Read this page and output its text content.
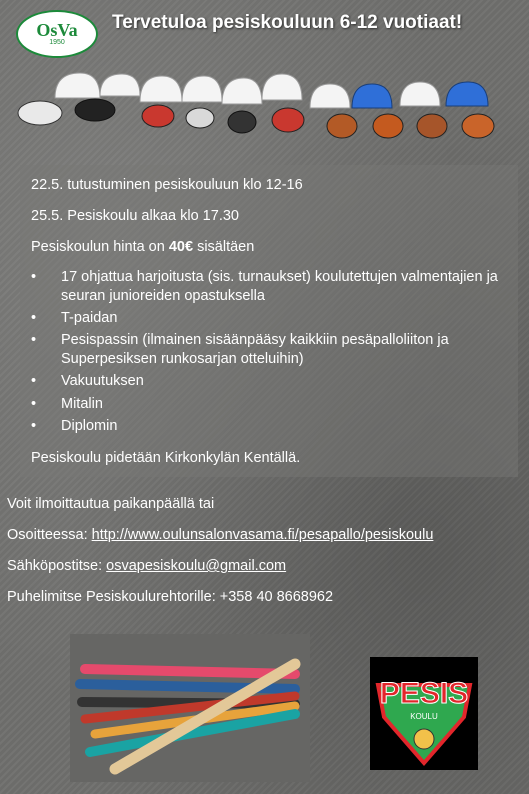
OsVa
1950
Tervetuloa pesiskouluun 6-12 vuotiaat!
22.5. tutustuminen pesiskouluun klo 12-16
25.5. Pesiskoulu alkaa klo 17.30
Pesiskoulun hinta on 40€ sisältäen
• 17 ohjattua harjoitusta (sis. turnaukset) koulutettujen valmentajien ja seuran junioreiden opastuksella
• T-paidan
• Pesispassin (ilmainen sisäänpääsy kaikkiin pesäpalloliiton ja Superpesiksen runkosarjan otteluihin)
• Vakuutuksen
• Mitalin
• Diplomin
Pesiskoulu pidetään Kirkonkylän Kentällä.
Voit ilmoittautua paikanpäällä tai
Osoitteessa: http://www.oulunsalonvasama.fi/pesapallo/pesiskoulu
Sähköpostitse: osvapesiskoulu@gmail.com
Puhelimitse Pesiskoulurehtorille: +358 40 8668962
PESIS
KOULU
